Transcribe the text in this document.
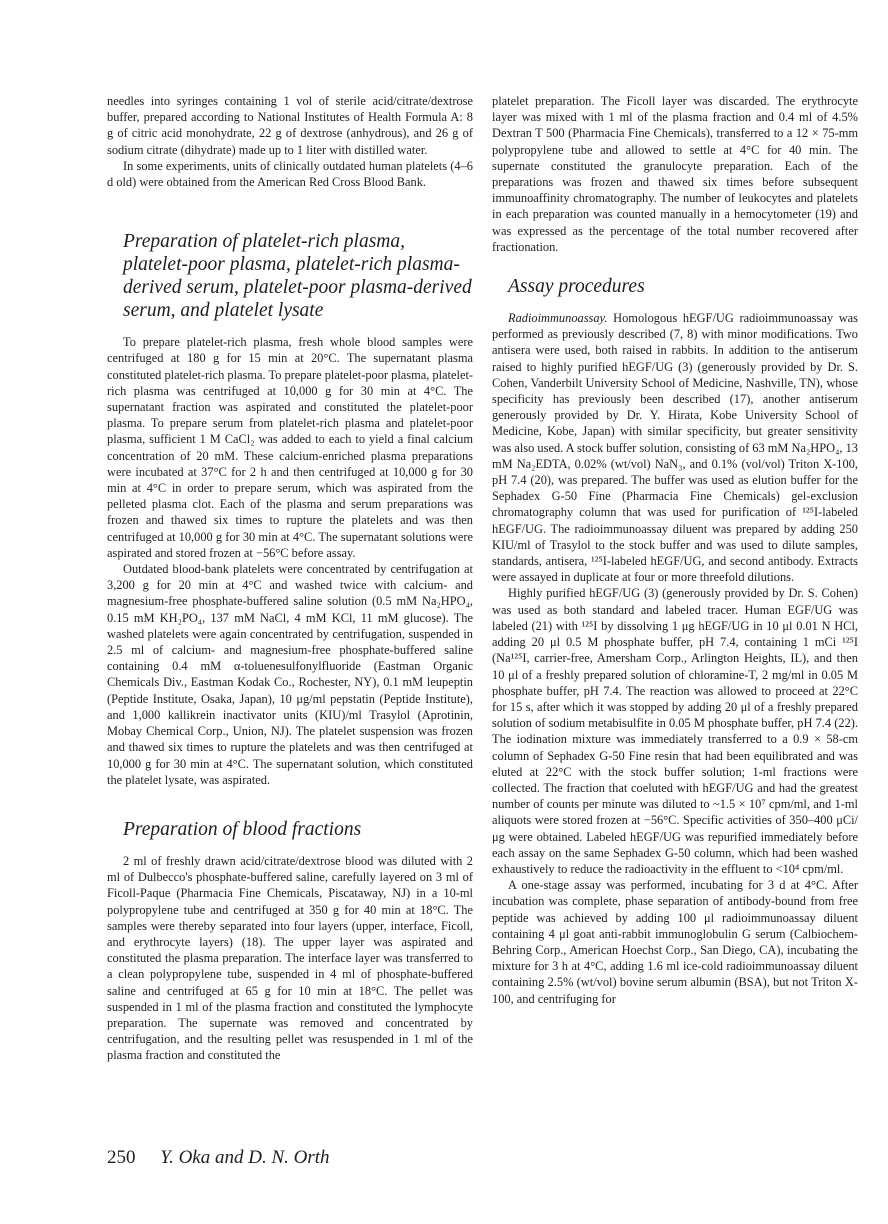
needles into syringes containing 1 vol of sterile acid/citrate/dextrose buffer, prepared according to National Institutes of Health Formula A: 8 g of citric acid monohydrate, 22 g of dextrose (anhydrous), and 26 g of sodium citrate (dihydrate) made up to 1 liter with distilled water.

In some experiments, units of clinically outdated human platelets (4–6 d old) were obtained from the American Red Cross Blood Bank.

Preparation of platelet-rich plasma, platelet-poor plasma, platelet-rich plasma-derived serum, platelet-poor plasma-derived serum, and platelet lysate

To prepare platelet-rich plasma, fresh whole blood samples were centrifuged at 180 g for 15 min at 20°C. The supernatant plasma constituted platelet-rich plasma. To prepare platelet-poor plasma, platelet-rich plasma was centrifuged at 10,000 g for 30 min at 4°C. The supernatant fraction was aspirated and constituted the platelet-poor plasma. To prepare serum from platelet-rich plasma and platelet-poor plasma, sufficient 1 M CaCl₂ was added to each to yield a final calcium concentration of 20 mM. These calcium-enriched plasma preparations were incubated at 37°C for 2 h and then centrifuged at 10,000 g for 30 min at 4°C in order to prepare serum, which was aspirated from the pelleted plasma clot. Each of the plasma and serum preparations was frozen and thawed six times to rupture the platelets and was then centrifuged at 10,000 g for 30 min at 4°C. The supernatant solutions were aspirated and stored frozen at −56°C before assay.

Outdated blood-bank platelets were concentrated by centrifugation at 3,200 g for 20 min at 4°C and washed twice with calcium- and magnesium-free phosphate-buffered saline solution (0.5 mM Na₂HPO₄, 0.15 mM KH₂PO₄, 137 mM NaCl, 4 mM KCl, 11 mM glucose). The washed platelets were again concentrated by centrifugation, suspended in 2.5 ml of calcium- and magnesium-free phosphate-buffered saline containing 0.4 mM α-toluenesulfonylfluoride (Eastman Organic Chemicals Div., Eastman Kodak Co., Rochester, NY), 0.1 mM leupeptin (Peptide Institute, Osaka, Japan), 10 μg/ml pepstatin (Peptide Institute), and 1,000 kallikrein inactivator units (KIU)/ml Trasylol (Aprotinin, Mobay Chemical Corp., Union, NJ). The platelet suspension was frozen and thawed six times to rupture the platelets and was then centrifuged at 10,000 g for 30 min at 4°C. The supernatant solution, which constituted the platelet lysate, was aspirated.

Preparation of blood fractions

2 ml of freshly drawn acid/citrate/dextrose blood was diluted with 2 ml of Dulbecco's phosphate-buffered saline, carefully layered on 3 ml of Ficoll-Paque (Pharmacia Fine Chemicals, Piscataway, NJ) in a 10-ml polypropylene tube and centrifuged at 350 g for 40 min at 18°C. The samples were thereby separated into four layers (upper, interface, Ficoll, and erythrocyte layers) (18). The upper layer was aspirated and constituted the plasma preparation. The interface layer was transferred to a clean polypropylene tube, suspended in 4 ml of phosphate-buffered saline and centrifuged at 65 g for 10 min at 18°C. The pellet was suspended in 1 ml of the plasma fraction and constituted the lymphocyte preparation. The supernate was removed and concentrated by centrifugation, and the resulting pellet was resuspended in 1 ml of the plasma fraction and constituted the

platelet preparation. The Ficoll layer was discarded. The erythrocyte layer was mixed with 1 ml of the plasma fraction and 0.4 ml of 4.5% Dextran T 500 (Pharmacia Fine Chemicals), transferred to a 12 × 75-mm polypropylene tube and allowed to settle at 4°C for 40 min. The supernate constituted the granulocyte preparation. Each of the preparations was frozen and thawed six times before subsequent immunoaffinity chromatography. The number of leukocytes and platelets in each preparation was counted manually in a hemocytometer (19) and was expressed as the percentage of the total number recovered after fractionation.

Assay procedures

Radioimmunoassay. Homologous hEGF/UG radioimmunoassay was performed as previously described (7, 8) with minor modifications. Two antisera were used, both raised in rabbits. In addition to the antiserum raised to highly purified hEGF/UG (3) (generously provided by Dr. S. Cohen, Vanderbilt University School of Medicine, Nashville, TN), whose specificity has previously been described (17), another antiserum generously provided by Dr. Y. Hirata, Kobe University School of Medicine, Kobe, Japan) with similar specificity, but greater sensitivity was also used. A stock buffer solution, consisting of 63 mM Na₂HPO₄, 13 mM Na₂EDTA, 0.02% (wt/vol) NaN₃, and 0.1% (vol/vol) Triton X-100, pH 7.4 (20), was prepared. The buffer was used as elution buffer for the Sephadex G-50 Fine (Pharmacia Fine Chemicals) gel-exclusion chromatography column that was used for purification of ¹²⁵I-labeled hEGF/UG. The radioimmunoassay diluent was prepared by adding 250 KIU/ml of Trasylol to the stock buffer and was used to dilute samples, standards, antisera, ¹²⁵I-labeled hEGF/UG, and second antibody. Extracts were assayed in duplicate at four or more threefold dilutions.

Highly purified hEGF/UG (3) (generously provided by Dr. S. Cohen) was used as both standard and labeled tracer. Human EGF/UG was labeled (21) with ¹²⁵I by dissolving 1 μg hEGF/UG in 10 μl 0.01 N HCl, adding 20 μl 0.5 M phosphate buffer, pH 7.4, containing 1 mCi ¹²⁵I (Na¹²⁵I, carrier-free, Amersham Corp., Arlington Heights, IL), and then 10 μl of a freshly prepared solution of chloramine-T, 2 mg/ml in 0.05 M phosphate buffer, pH 7.4. The reaction was allowed to proceed at 22°C for 15 s, after which it was stopped by adding 20 μl of a freshly prepared solution of sodium metabisulfite in 0.05 M phosphate buffer, pH 7.4 (22). The iodination mixture was immediately transferred to a 0.9 × 58-cm column of Sephadex G-50 Fine resin that had been equilibrated and was eluted at 22°C with the stock buffer solution; 1-ml fractions were collected. The fraction that coeluted with hEGF/UG and had the greatest number of counts per minute was diluted to ~1.5 × 10⁷ cpm/ml, and 1-ml aliquots were stored frozen at −56°C. Specific activities of 350–400 μCi/μg were obtained. Labeled hEGF/UG was repurified immediately before each assay on the same Sephadex G-50 column, which had been washed exhaustively to reduce the radioactivity in the effluent to <10⁴ cpm/ml.

A one-stage assay was performed, incubating for 3 d at 4°C. After incubation was complete, phase separation of antibody-bound from free peptide was achieved by adding 100 μl radioimmunoassay diluent containing 4 μl goat anti-rabbit immunoglobulin G serum (Calbiochem-Behring Corp., American Hoechst Corp., San Diego, CA), incubating the mixture for 3 h at 4°C, adding 1.6 ml ice-cold radioimmunoassay diluent containing 2.5% (wt/vol) bovine serum albumin (BSA), but not Triton X-100, and centrifuging for

250 Y. Oka and D. N. Orth
